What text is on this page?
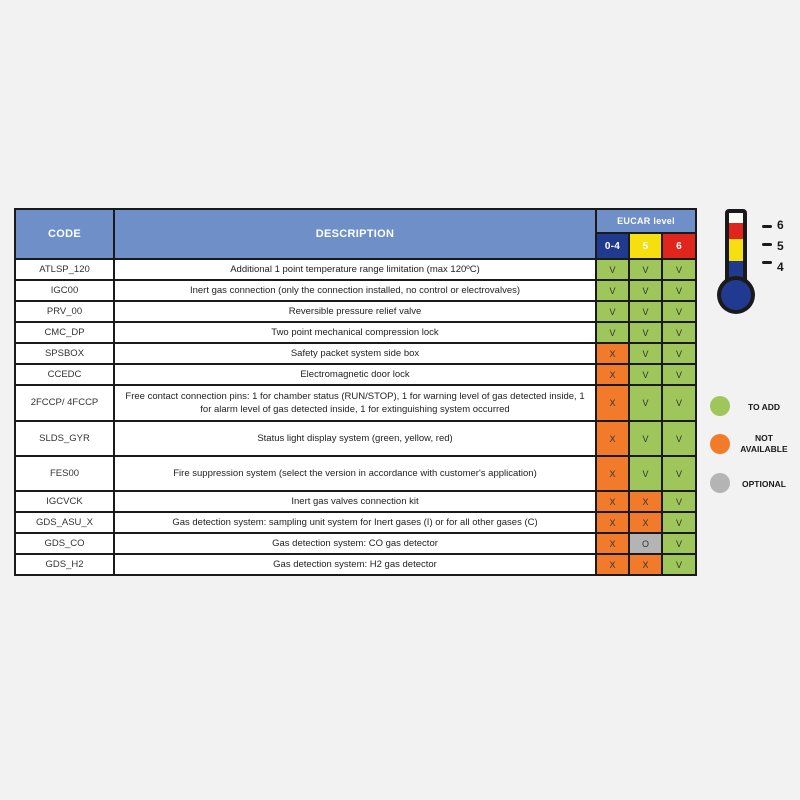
CODE	DESCRIPTION	EUCAR level		
		0-4	5	6
ATLSP_120	Additional 1 point temperature range limitation (max 120ºC)	V	V	V
IGC00	Inert gas connection (only the connection installed, no control or electrovalves)	V	V	V
PRV_00	Reversible pressure relief valve	V	V	V
CMC_DP	Two point mechanical compression lock	V	V	V
SPSBOX	Safety packet system side box	X	V	V
CCEDC	Electromagnetic door lock	X	V	V
2FCCP/ 4FCCP	Free contact connection pins: 1 for chamber status (RUN/STOP), 1 for warning level of gas detected inside, 1 for alarm level of gas detected inside, 1 for extinguishing system occurred	X	V	V
SLDS_GYR	Status light display system (green, yellow, red)	X	V	V
FES00	Fire suppression system (select the version in accordance with customer's application)	X	V	V
IGCVCK	Inert gas valves connection kit	X	X	V
GDS_ASU_X	Gas detection system: sampling unit system for Inert gases (I) or for all other gases (C)	X	X	V
GDS_CO	Gas detection system: CO gas detector	X	O	V
GDS_H2	Gas detection system: H2 gas detector	X	X	V
6
5
4
TO ADD
NOT AVAILABLE
OPTIONAL
